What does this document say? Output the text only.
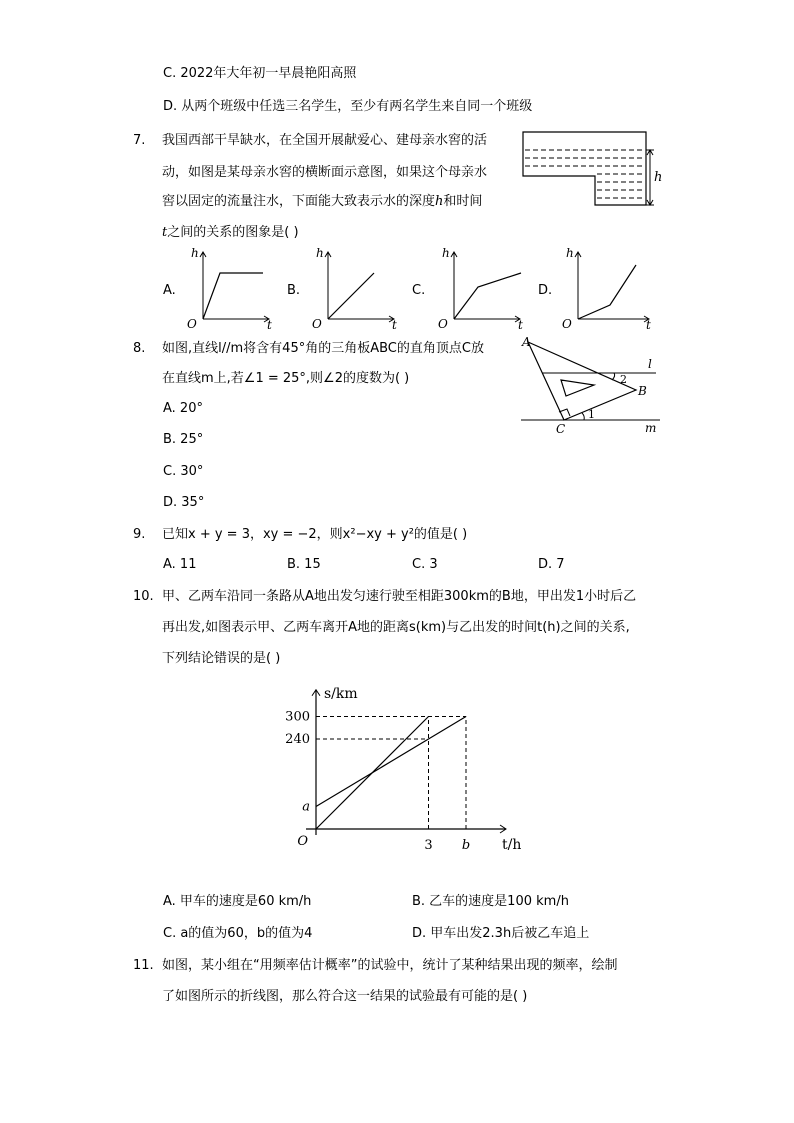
C. 2022年大年初一早晨艳阳高照
D. 从两个班级中任选三名学生，至少有两名学生来自同一个班级
7. 我国西部干旱缺水，在全国开展献爱心、建母亲水窖的活
动，如图是某母亲水窖的横断面示意图，如果这个母亲水
窖以固定的流量注水，下面能大致表示水的深度h和时间
t之间的关系的图象是( )
h
A.
h
t
O
B.
h
t
O
C.
h
t
O
D.
h
t
O
8. 如图,直线l//m将含有45°角的三角板ABC的直角顶点C放
在直线m上,若∠1 = 25°,则∠2的度数为( )
A. 20°
B. 25°
C. 30°
D. 35°
A
B
C
l
m
2
1
9. 已知x + y = 3，xy = −2，则x²−xy + y²的值是( )
A. 11	B. 15	C. 3	D. 7
10. 甲、乙两车沿同一条路从A地出发匀速行驶至相距300km的B地，甲出发1小时后乙
再出发,如图表示甲、乙两车离开A地的距离s(km)与乙出发的时间t(h)之间的关系,
下列结论错误的是( )
a
240
300
3 b
O
s/km
t/h
A. 甲车的速度是60 km/h	B. 乙车的速度是100 km/h
C. a的值为60，b的值为4	D. 甲车出发2.3h后被乙车追上
11. 如图，某小组在“用频率估计概率”的试验中，统计了某种结果出现的频率，绘制
了如图所示的折线图，那么符合这一结果的试验最有可能的是( )
